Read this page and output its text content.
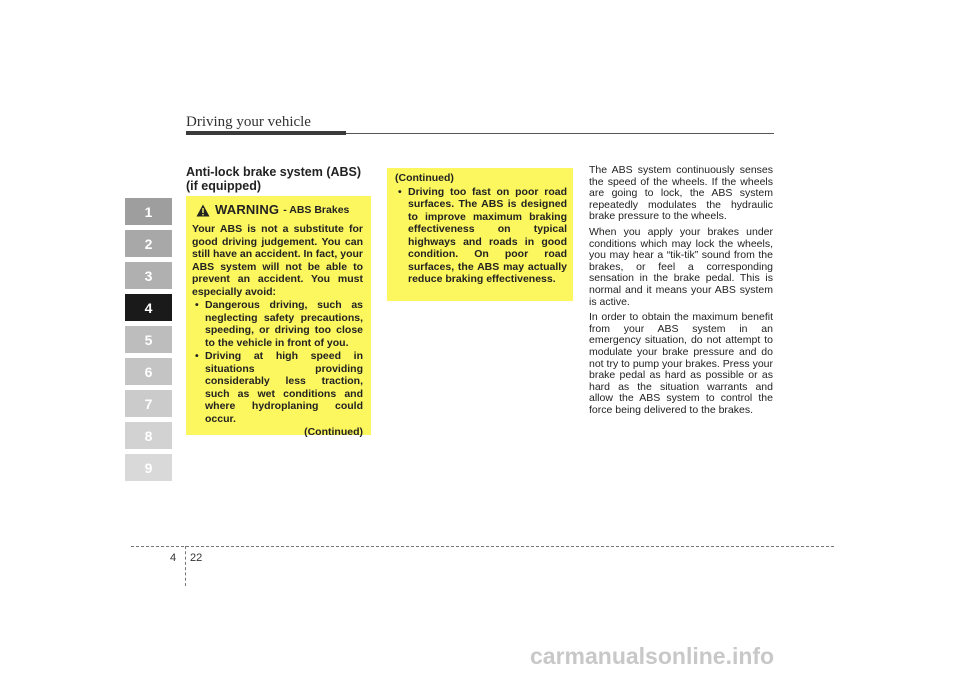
Driving your vehicle
1
2
3
4
5
6
7
8
9
Anti-lock brake system (ABS)
(if equipped)
WARNING - ABS Brakes

Your ABS is not a substitute for good driving judgement. You can still have an accident. In fact, your ABS system will not be able to prevent an accident. You must especially avoid:

• Dangerous driving, such as neglecting safety precautions, speeding, or driving too close to the vehicle in front of you.
• Driving at high speed in situations providing considerably less traction, such as wet conditions and where hydroplaning could occur.
(Continued)
(Continued)
• Driving too fast on poor road surfaces. The ABS is designed to improve maximum braking effectiveness on typical highways and roads in good condition. On poor road surfaces, the ABS may actually reduce braking effectiveness.

The ABS system continuously senses the speed of the wheels. If the wheels are going to lock, the ABS system repeatedly modulates the hydraulic brake pressure to the wheels.

When you apply your brakes under conditions which may lock the wheels, you may hear a “tik-tik” sound from the brakes, or feel a corresponding sensation in the brake pedal. This is normal and it means your ABS system is active.

In order to obtain the maximum benefit from your ABS system in an emergency situation, do not attempt to modulate your brake pressure and do not try to pump your brakes. Press your brake pedal as hard as possible or as hard as the situation warrants and allow the ABS system to control the force being delivered to the brakes.

4 22
carmanualsonline.info
